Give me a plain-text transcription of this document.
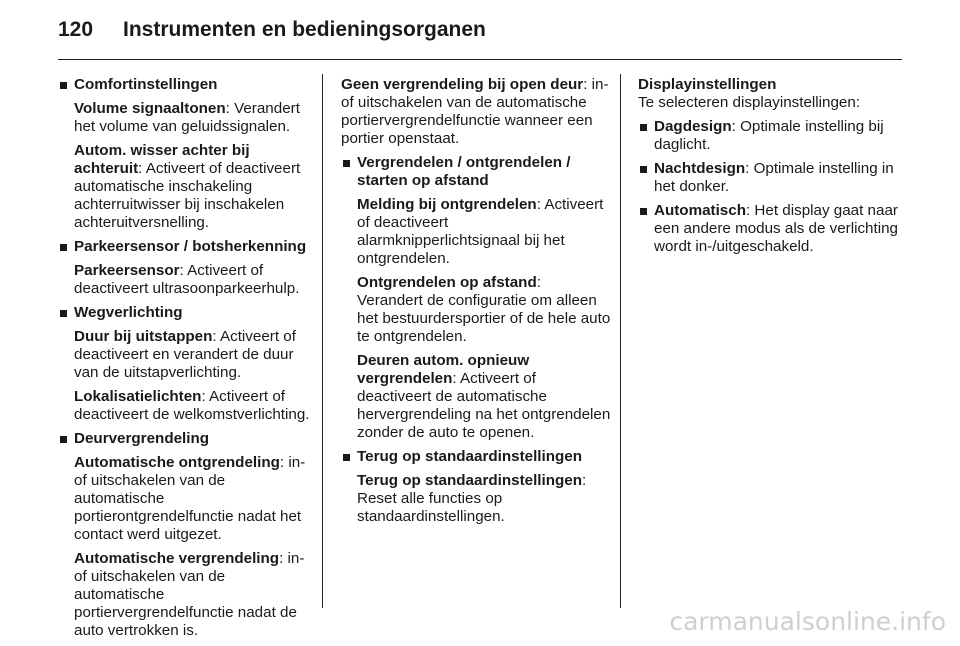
120	Instrumenten en bedieningsorganen
Comfortinstellingen
Volume signaaltonen: Verandert het volume van geluidssignalen.
Autom. wisser achter bij achteruit: Activeert of deactiveert automatische inschakeling achterruitwisser bij inschakelen achteruitversnelling.
Parkeersensor / botsherkenning
Parkeersensor: Activeert of deactiveert ultrasoonparkeerhulp.
Wegverlichting
Duur bij uitstappen: Activeert of deactiveert en verandert de duur van de uitstapverlichting.
Lokalisatielichten: Activeert of deactiveert de welkomstverlichting.
Deurvergrendeling
Automatische ontgrendeling: in- of uitschakelen van de automatische portierontgrendelfunctie nadat het contact werd uitgezet.
Automatische vergrendeling: in- of uitschakelen van de automatische portiervergrendelfunctie nadat de auto vertrokken is.
Geen vergrendeling bij open deur: in- of uitschakelen van de automatische portiervergrendelfunctie wanneer een portier openstaat.
Vergrendelen / ontgrendelen / starten op afstand
Melding bij ontgrendelen: Activeert of deactiveert alarmknipperlichtsignaal bij het ontgrendelen.
Ontgrendelen op afstand: Verandert de configuratie om alleen het bestuurdersportier of de hele auto te ontgrendelen.
Deuren autom. opnieuw vergrendelen: Activeert of deactiveert de automatische hervergrendeling na het ontgrendelen zonder de auto te openen.
Terug op standaardinstellingen
Terug op standaardinstellingen: Reset alle functies op standaardinstellingen.
Displayinstellingen
Te selecteren displayinstellingen:
Dagdesign: Optimale instelling bij daglicht.
Nachtdesign: Optimale instelling in het donker.
Automatisch: Het display gaat naar een andere modus als de verlichting wordt in-/uitgeschakeld.
carmanualsonline.info
